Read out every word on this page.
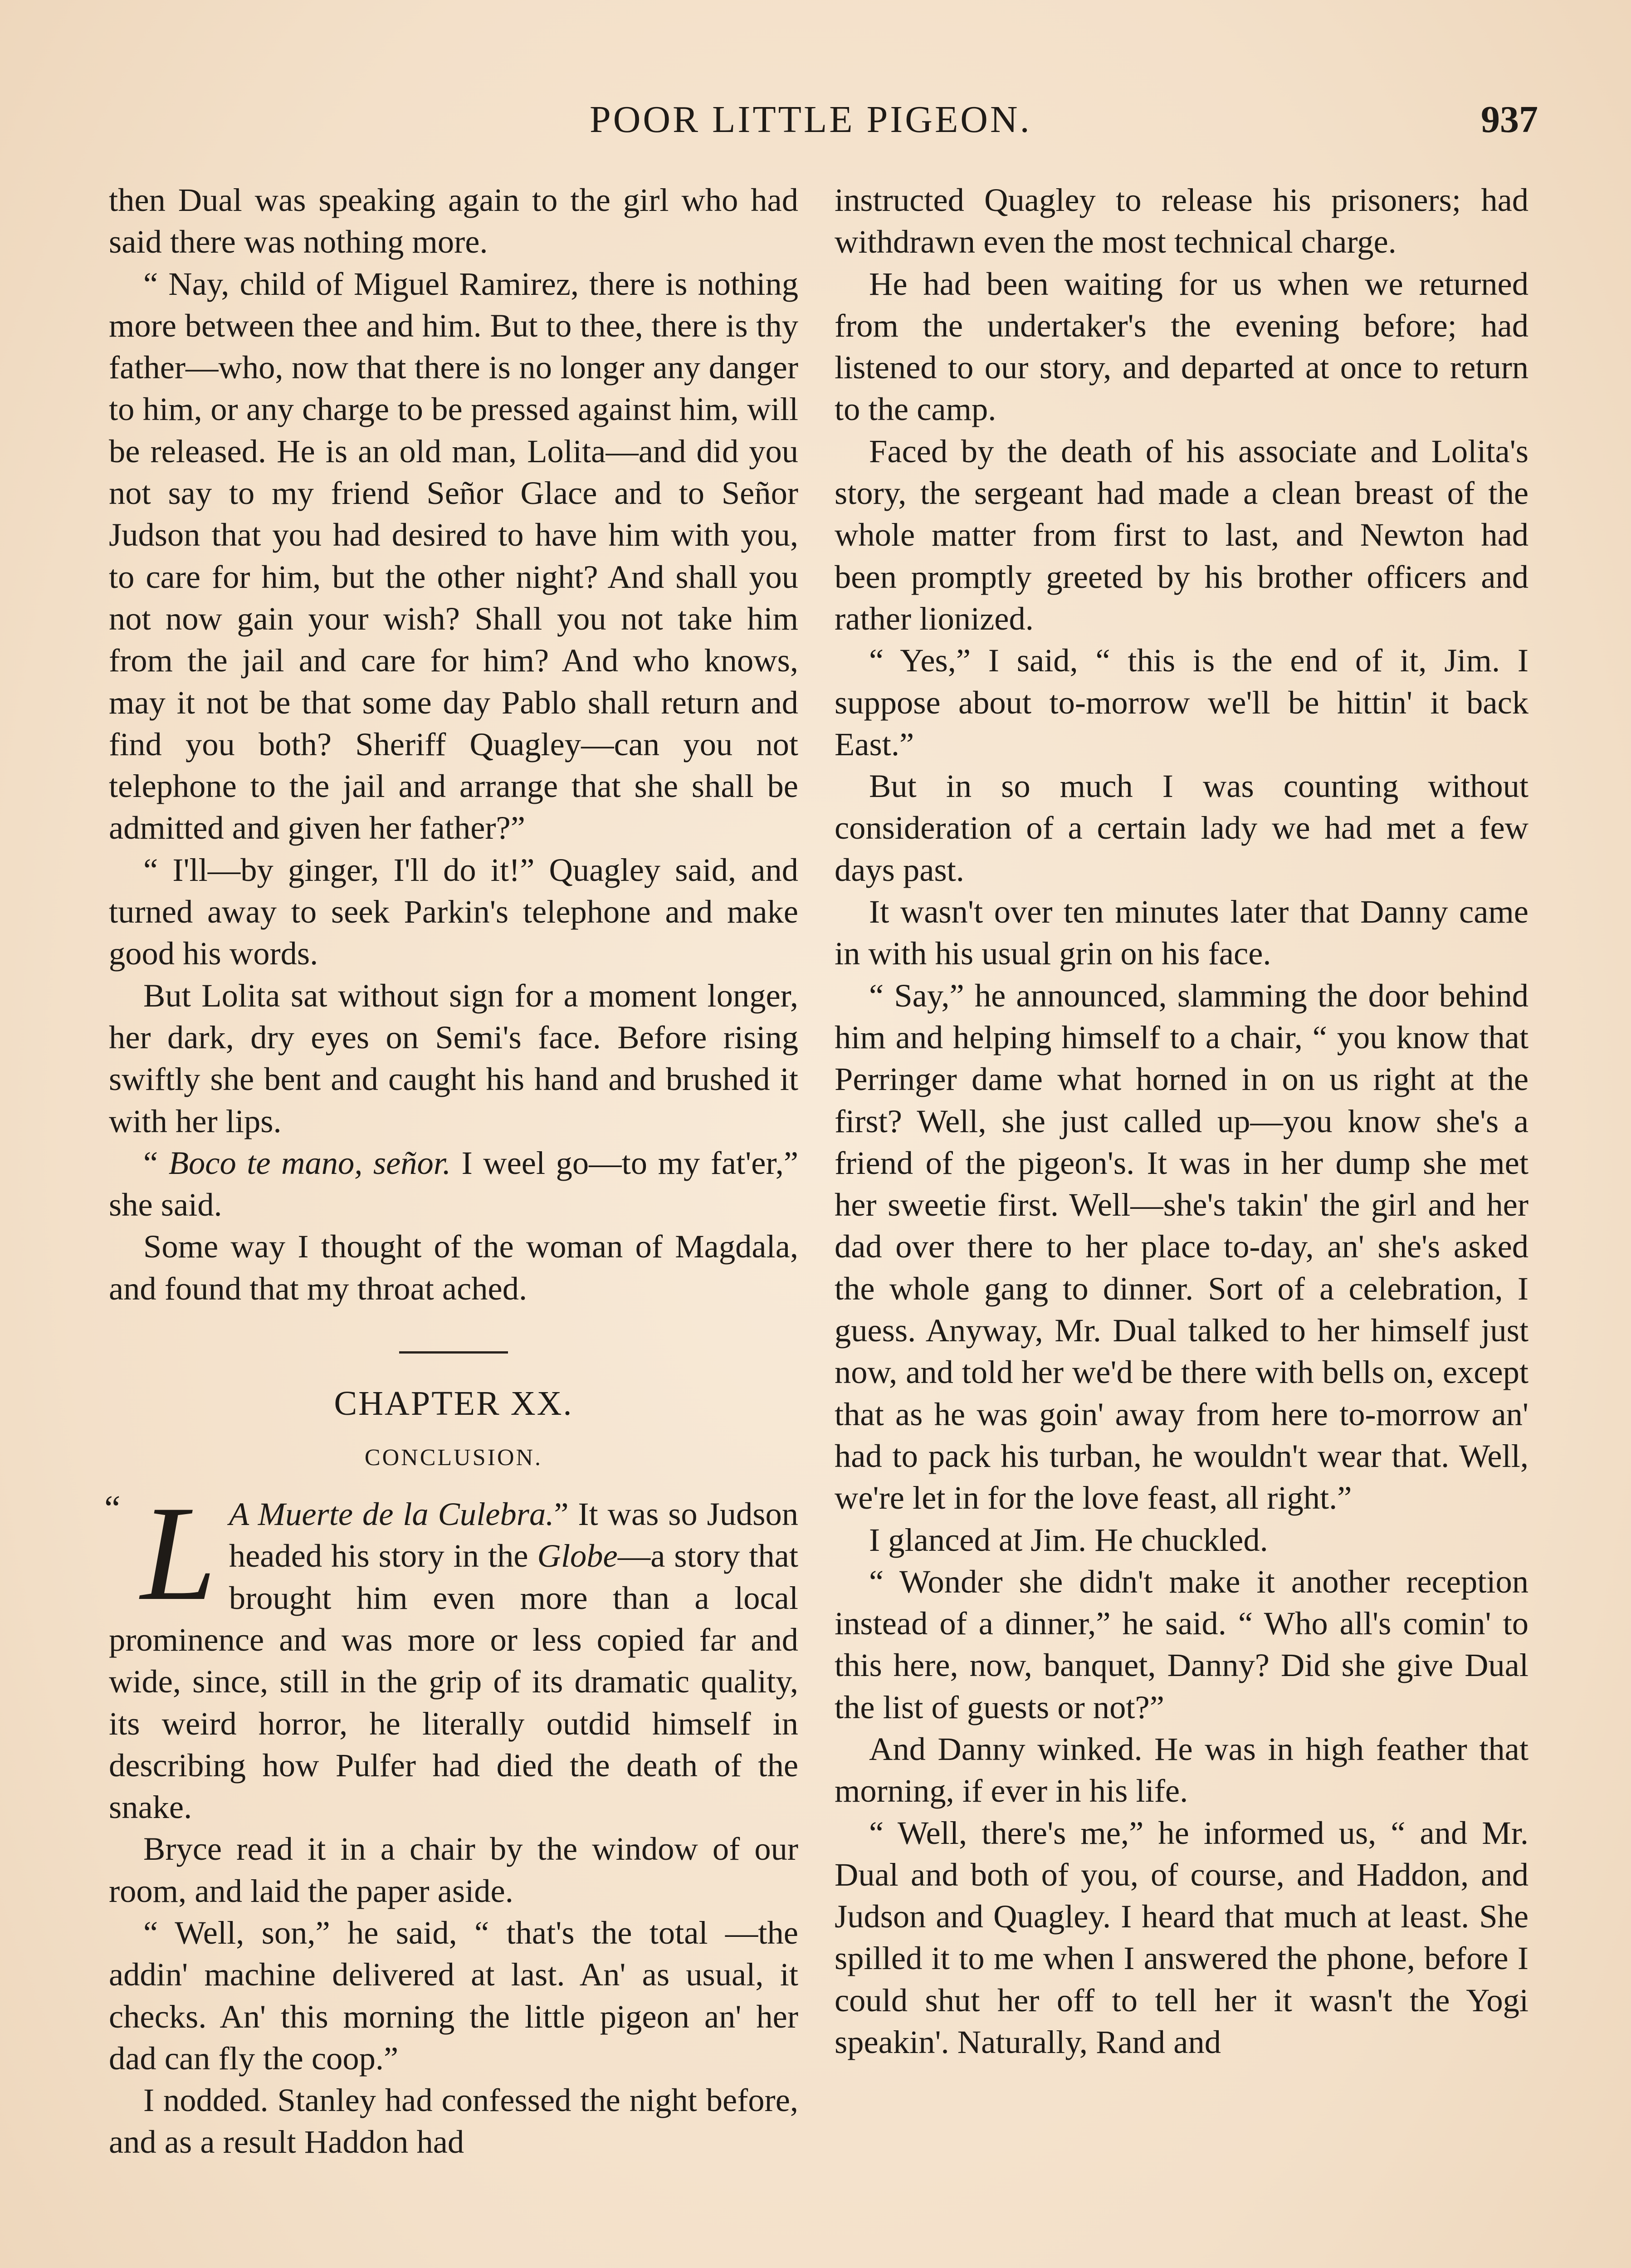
POOR LITTLE PIGEON.	937

then Dual was speaking again to the girl who had said there was nothing more.

“ Nay, child of Miguel Ramirez, there is nothing more between thee and him. But to thee, there is thy father—who, now that there is no longer any danger to him, or any charge to be pressed against him, will be released. He is an old man, Lolita—and did you not say to my friend Señor Glace and to Señor Judson that you had desired to have him with you, to care for him, but the other night? And shall you not now gain your wish? Shall you not take him from the jail and care for him? And who knows, may it not be that some day Pablo shall return and find you both? Sheriff Quagley—can you not telephone to the jail and arrange that she shall be admitted and given her father?”

“ I'll—by ginger, I'll do it!” Quagley said, and turned away to seek Parkin's telephone and make good his words.

But Lolita sat without sign for a moment longer, her dark, dry eyes on Semi's face. Before rising swiftly she bent and caught his hand and brushed it with her lips.

“ Boco te mano, señor. I weel go—to my fat'er,” she said.

Some way I thought of the woman of Magdala, and found that my throat ached.

CHAPTER XX.
CONCLUSION.
“ L A Muerte de la Culebra.” It was so Judson headed his story in the Globe—a story that brought him even more than a local prominence and was more or less copied far and wide, since, still in the grip of its dramatic quality, its weird horror, he literally outdid himself in describing how Pulfer had died the death of the snake.

Bryce read it in a chair by the window of our room, and laid the paper aside.

“ Well, son,” he said, “ that's the total —the addin' machine delivered at last. An' as usual, it checks. An' this morning the little pigeon an' her dad can fly the coop.”

I nodded. Stanley had confessed the night before, and as a result Haddon had

instructed Quagley to release his prisoners; had withdrawn even the most technical charge.

He had been waiting for us when we returned from the undertaker's the evening before; had listened to our story, and departed at once to return to the camp.

Faced by the death of his associate and Lolita's story, the sergeant had made a clean breast of the whole matter from first to last, and Newton had been promptly greeted by his brother officers and rather lionized.

“ Yes,” I said, “ this is the end of it, Jim. I suppose about to-morrow we'll be hittin' it back East.”

But in so much I was counting without consideration of a certain lady we had met a few days past.

It wasn't over ten minutes later that Danny came in with his usual grin on his face.

“ Say,” he announced, slamming the door behind him and helping himself to a chair, “ you know that Perringer dame what horned in on us right at the first? Well, she just called up—you know she's a friend of the pigeon's. It was in her dump she met her sweetie first. Well—she's takin' the girl and her dad over there to her place to-day, an' she's asked the whole gang to dinner. Sort of a celebration, I guess. Anyway, Mr. Dual talked to her himself just now, and told her we'd be there with bells on, except that as he was goin' away from here to-morrow an' had to pack his turban, he wouldn't wear that. Well, we're let in for the love feast, all right.”

I glanced at Jim. He chuckled.

“ Wonder she didn't make it another reception instead of a dinner,” he said. “ Who all's comin' to this here, now, banquet, Danny? Did she give Dual the list of guests or not?”

And Danny winked. He was in high feather that morning, if ever in his life.

“ Well, there's me,” he informed us, “ and Mr. Dual and both of you, of course, and Haddon, and Judson and Quagley. I heard that much at least. She spilled it to me when I answered the phone, before I could shut her off to tell her it wasn't the Yogi speakin'. Naturally, Rand and
